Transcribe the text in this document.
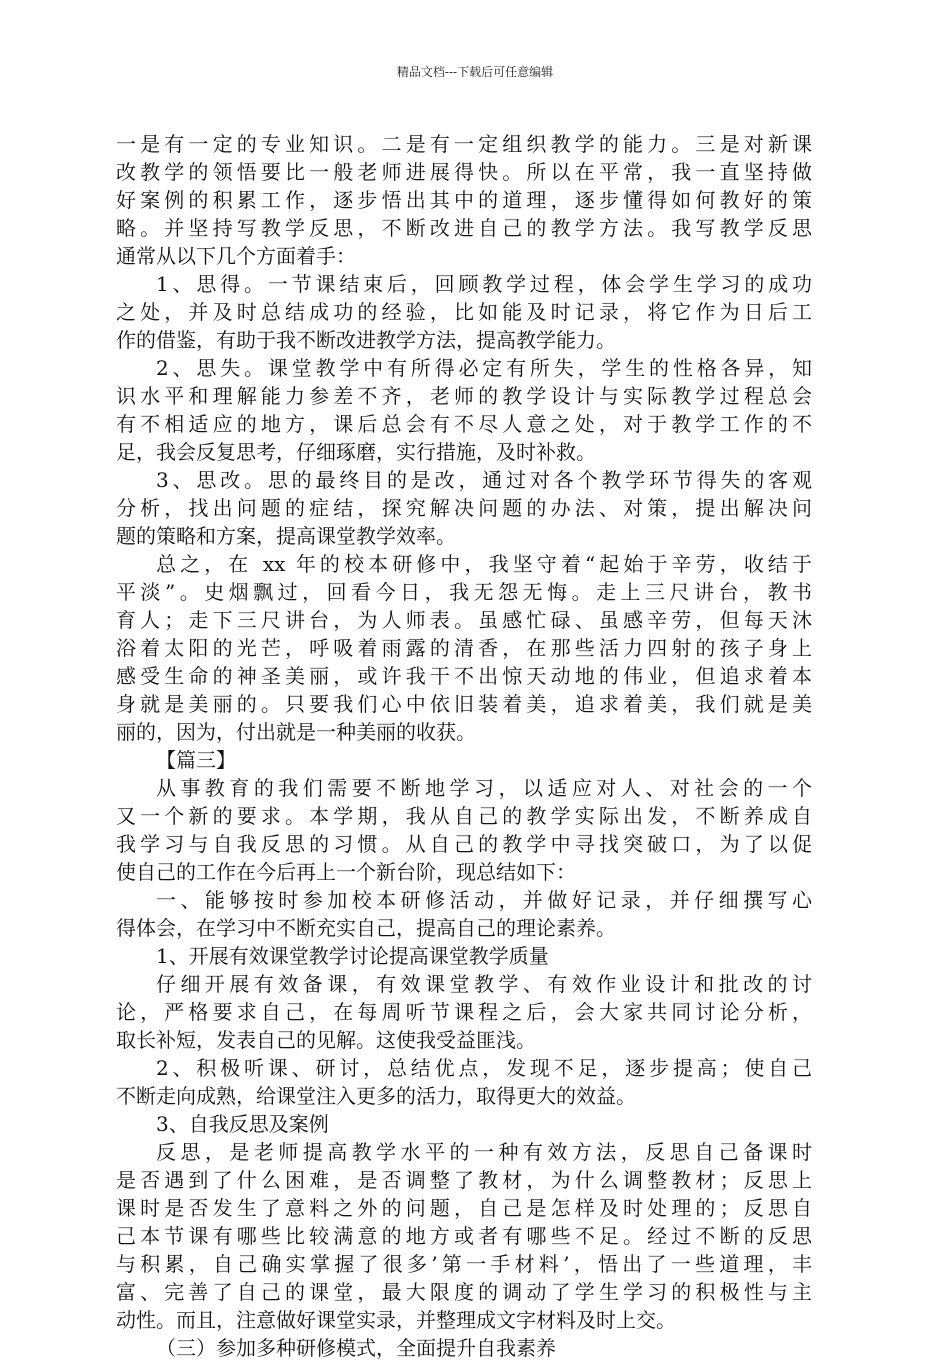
精品文档---下载后可任意编辑
一是有一定的专业知识。二是有一定组织教学的能力。三是对新课
改教学的领悟要比一般老师进展得快。所以在平常，我一直坚持做
好案例的积累工作，逐步悟出其中的道理，逐步懂得如何教好的策
略。并坚持写教学反思，不断改进自己的教学方法。我写教学反思
通常从以下几个方面着手：
1、思得。一节课结束后，回顾教学过程，体会学生学习的成功
之处，并及时总结成功的经验，比如能及时记录，将它作为日后工
作的借鉴，有助于我不断改进教学方法，提高教学能力。
2、思失。课堂教学中有所得必定有所失，学生的性格各异，知
识水平和理解能力参差不齐，老师的教学设计与实际教学过程总会
有不相适应的地方，课后总会有不尽人意之处，对于教学工作的不
足，我会反复思考，仔细琢磨，实行措施，及时补救。
3、思改。思的最终目的是改，通过对各个教学环节得失的客观
分析，找出问题的症结，探究解决问题的办法、对策，提出解决问
题的策略和方案，提高课堂教学效率。
总之，在 xx 年的校本研修中，我坚守着“起始于辛劳，收结于
平淡”。史烟飘过，回看今日，我无怨无悔。走上三尺讲台，教书
育人；走下三尺讲台，为人师表。虽感忙碌、虽感辛劳，但每天沐
浴着太阳的光芒，呼吸着雨露的清香，在那些活力四射的孩子身上
感受生命的神圣美丽，或许我干不出惊天动地的伟业，但追求着本
身就是美丽的。只要我们心中依旧装着美，追求着美，我们就是美
丽的，因为，付出就是一种美丽的收获。
【篇三】
从事教育的我们需要不断地学习，以适应对人、对社会的一个
又一个新的要求。本学期，我从自己的教学实际出发，不断养成自
我学习与自我反思的习惯。从自己的教学中寻找突破口，为了以促
使自己的工作在今后再上一个新台阶，现总结如下：
一、能够按时参加校本研修活动，并做好记录，并仔细撰写心
得体会，在学习中不断充实自己，提高自己的理论素养。
1、开展有效课堂教学讨论提高课堂教学质量
仔细开展有效备课，有效课堂教学、有效作业设计和批改的讨
论，严格要求自己，在每周听节课程之后，会大家共同讨论分析，
取长补短，发表自己的见解。这使我受益匪浅。
2、积极听课、研讨，总结优点，发现不足，逐步提高；使自己
不断走向成熟，给课堂注入更多的活力，取得更大的效益。
3、自我反思及案例
反思，是老师提高教学水平的一种有效方法，反思自己备课时
是否遇到了什么困难，是否调整了教材，为什么调整教材；反思上
课时是否发生了意料之外的问题，自己是怎样及时处理的；反思自
己本节课有哪些比较满意的地方或者有哪些不足。经过不断的反思
与积累，自己确实掌握了很多’第一手材料’，悟出了一些道理，丰
富、完善了自己的课堂，最大限度的调动了学生学习的积极性与主
动性。而且，注意做好课堂实录，并整理成文字材料及时上交。
（三）参加多种研修模式，全面提升自我素养
